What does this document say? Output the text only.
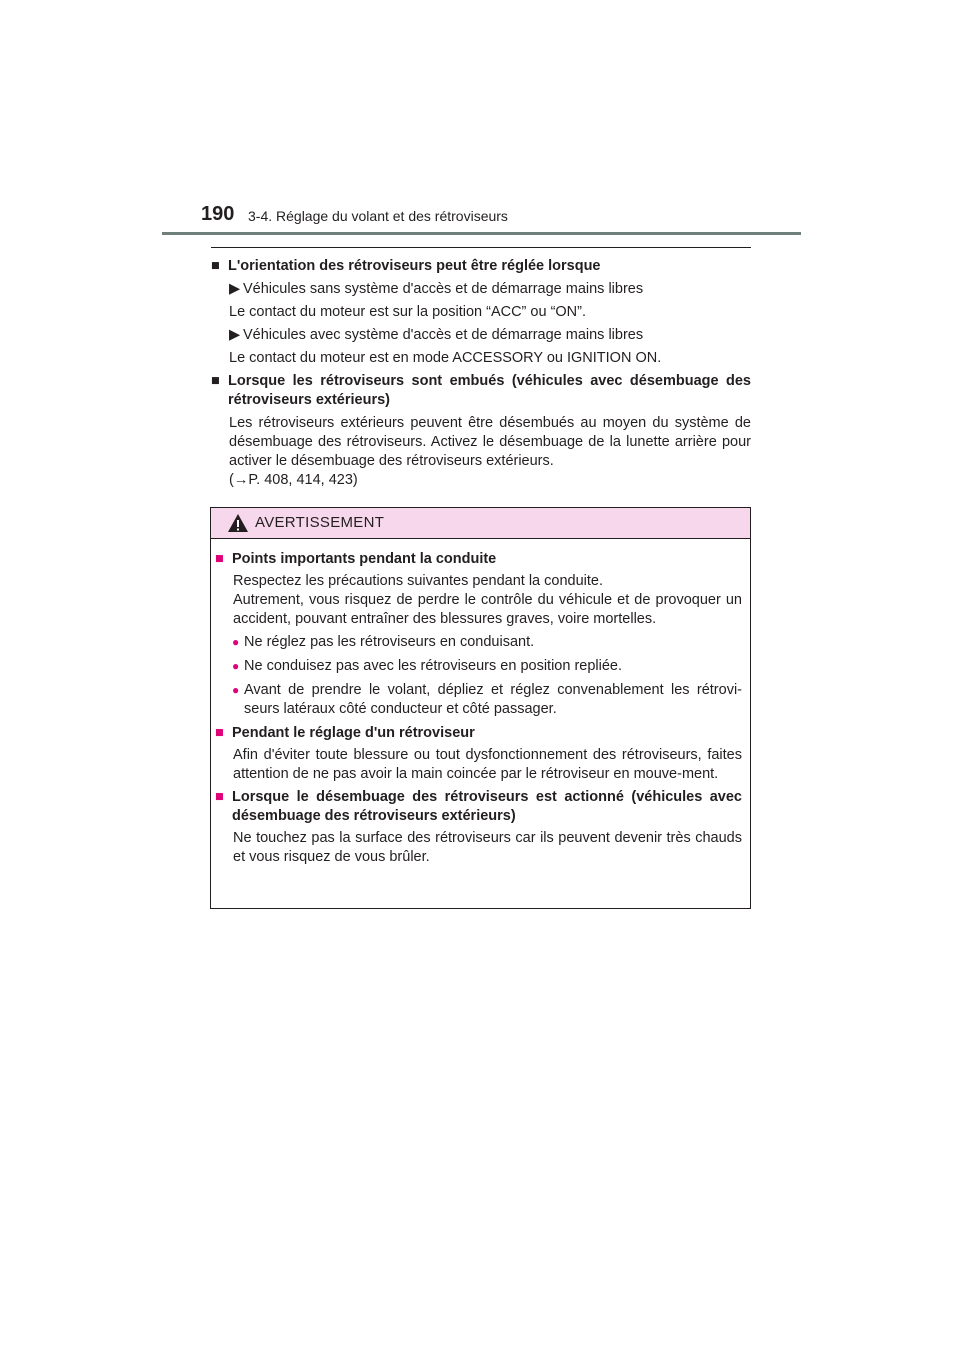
190 3-4. Réglage du volant et des rétroviseurs
■ L'orientation des rétroviseurs peut être réglée lorsque
▶ Véhicules sans système d'accès et de démarrage mains libres
Le contact du moteur est sur la position “ACC” ou “ON”.
▶ Véhicules avec système d'accès et de démarrage mains libres
Le contact du moteur est en mode ACCESSORY ou IGNITION ON.
■ Lorsque les rétroviseurs sont embués (véhicules avec désembuage des rétroviseurs extérieurs)
Les rétroviseurs extérieurs peuvent être désembués au moyen du système de désembuage des rétroviseurs. Activez le désembuage de la lunette arrière pour activer le désembuage des rétroviseurs extérieurs.
(→P. 408, 414, 423)
AVERTISSEMENT
■ Points importants pendant la conduite
Respectez les précautions suivantes pendant la conduite.
Autrement, vous risquez de perdre le contrôle du véhicule et de provoquer un accident, pouvant entraîner des blessures graves, voire mortelles.
● Ne réglez pas les rétroviseurs en conduisant.
● Ne conduisez pas avec les rétroviseurs en position repliée.
● Avant de prendre le volant, dépliez et réglez convenablement les rétrovi-seurs latéraux côté conducteur et côté passager.
■ Pendant le réglage d'un rétroviseur
Afin d'éviter toute blessure ou tout dysfonctionnement des rétroviseurs, faites attention de ne pas avoir la main coincée par le rétroviseur en mouve-ment.
■ Lorsque le désembuage des rétroviseurs est actionné (véhicules avec désembuage des rétroviseurs extérieurs)
Ne touchez pas la surface des rétroviseurs car ils peuvent devenir très chauds et vous risquez de vous brûler.
